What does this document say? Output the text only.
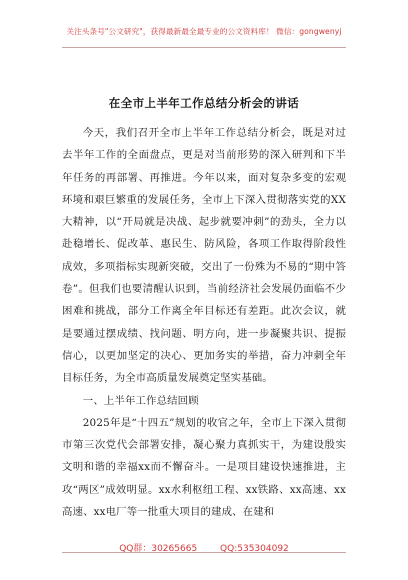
关注头条号"公文研究"，获得最新最全最专业的公文资料库！ 微信：gongwenyj
在全市上半年工作总结分析会的讲话

今天，我们召开全市上半年工作总结分析会，既是对过去半年工作的全面盘点，更是对当前形势的深入研判和下半年任务的再部署、再推进。今年以来，面对复杂多变的宏观环境和艰巨繁重的发展任务，全市上下深入贯彻落实党的XX大精神，以“开局就是决战、起步就要冲刺”的劲头，全力以赴稳增长、促改革、惠民生、防风险，各项工作取得阶段性成效，多项指标实现新突破，交出了一份殊为不易的“期中答卷”。但我们也要清醒认识到，当前经济社会发展仍面临不少困难和挑战，部分工作离全年目标还有差距。此次会议，就是要通过摆成绩、找问题、明方向，进一步凝聚共识、提振信心，以更加坚定的决心、更加务实的举措，奋力冲刺全年目标任务，为全市高质量发展奠定坚实基础。

一、上半年工作总结回顾

2025年是“十四五”规划的收官之年，全市上下深入贯彻市第三次党代会部署安排，凝心聚力真抓实干，为建设殷实文明和谐的幸福xx而不懈奋斗。一是项目建设快速推进，主攻“两区”成效明显。xx水利枢纽工程、xx铁路、xx高速、xx高速、xx电厂等一批重大项目的建成、在建和

QQ群：30265665	QQ:535304092
